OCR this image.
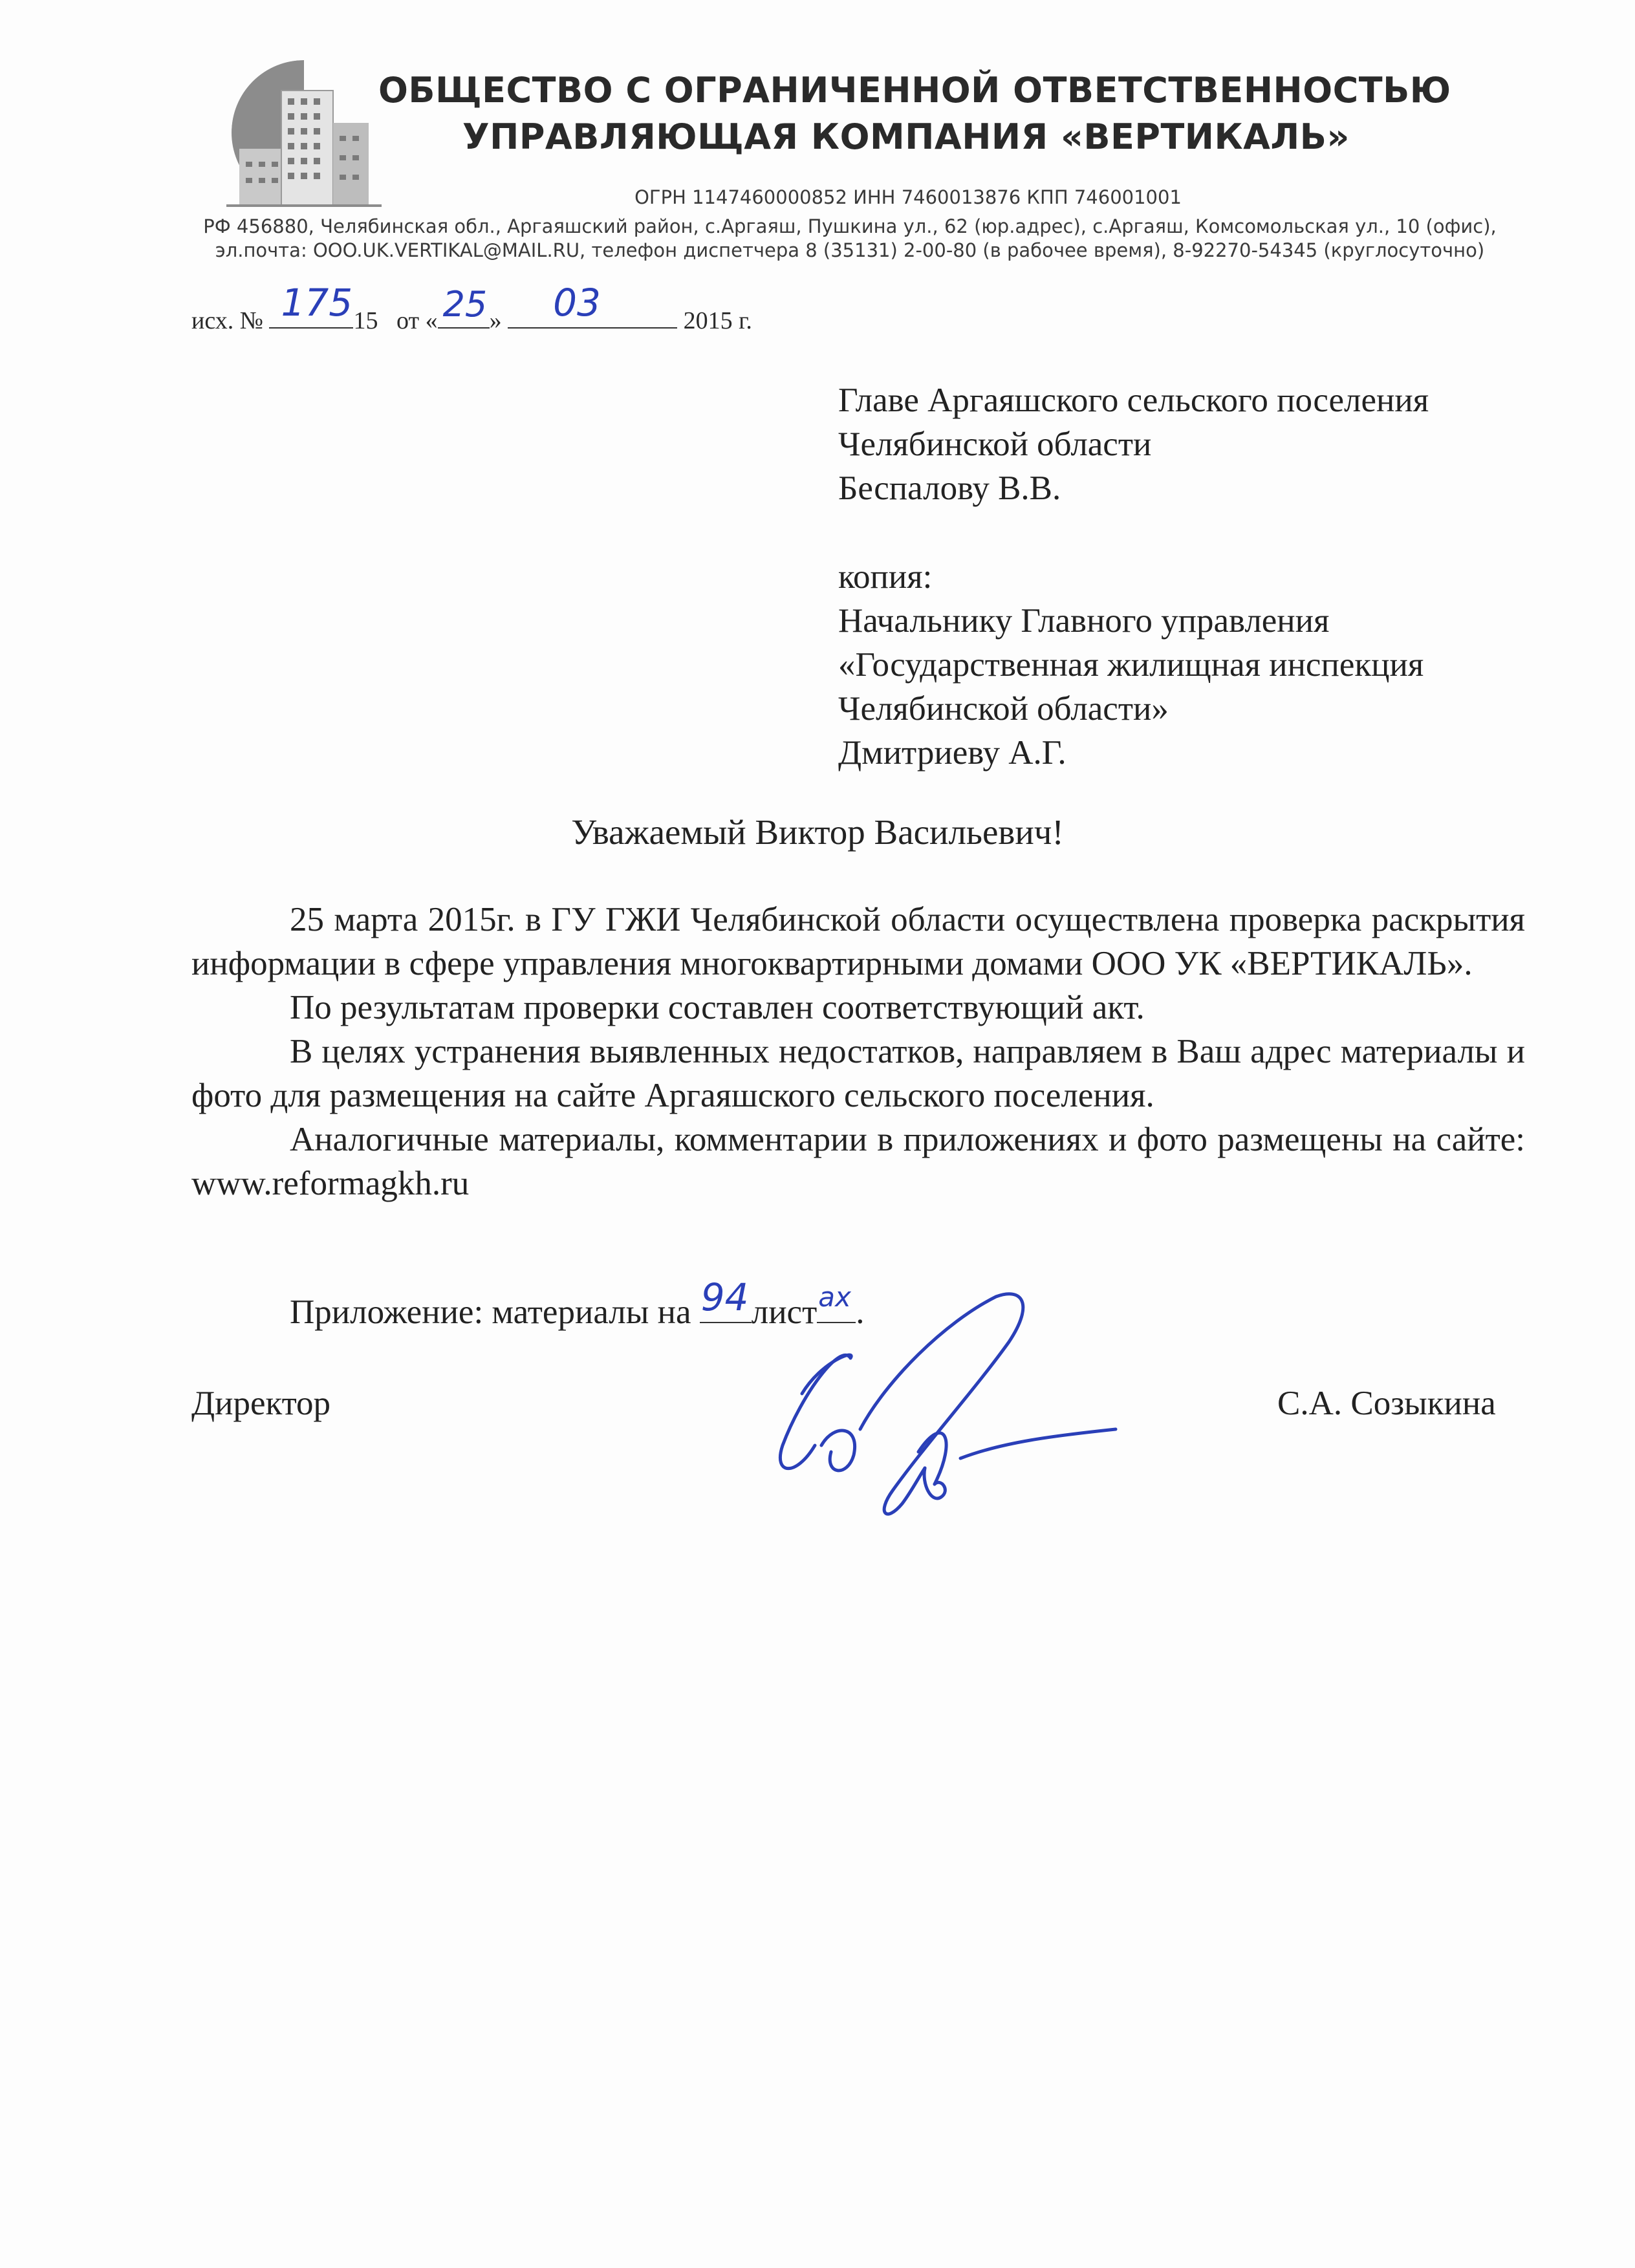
ОБЩЕСТВО С ОГРАНИЧЕННОЙ ОТВЕТСТВЕННОСТЬЮ
УПРАВЛЯЮЩАЯ КОМПАНИЯ «ВЕРТИКАЛЬ»
ОГРН 1147460000852 ИНН 7460013876 КПП 746001001
РФ 456880, Челябинская обл., Аргаяшский район, с.Аргаяш, Пушкина ул., 62 (юр.адрес), с.Аргаяш, Комсомольская ул., 10 (офис),
эл.почта: OOO.UK.VERTIKAL@MAIL.RU, телефон диспетчера 8 (35131) 2-00-80 (в рабочее время), 8-92270-54345 (круглосуточно)
исх. № 175 15 от « 25 » 03	2015 г.
Главе Аргаяшского сельского поселения
Челябинской области
Беспалову В.В.
копия:
Начальнику Главного управления
«Государственная жилищная инспекция
Челябинской области»
Дмитриеву А.Г.
Уважаемый Виктор Васильевич!

25 марта 2015г. в ГУ ГЖИ Челябинской области осуществлена проверка раскрытия информации в сфере управления многоквартирными домами ООО УК «ВЕРТИКАЛЬ».

По результатам проверки составлен соответствующий акт.

В целях устранения выявленных недостатков, направляем в Ваш адрес материалы и фото для размещения на сайте Аргаяшского сельского поселения.

Аналогичные материалы, комментарии в приложениях и фото размещены на сайте: www.reformagkh.ru

Приложение: материалы на 94 лист ах .
Директор	С.А. Созыкина
